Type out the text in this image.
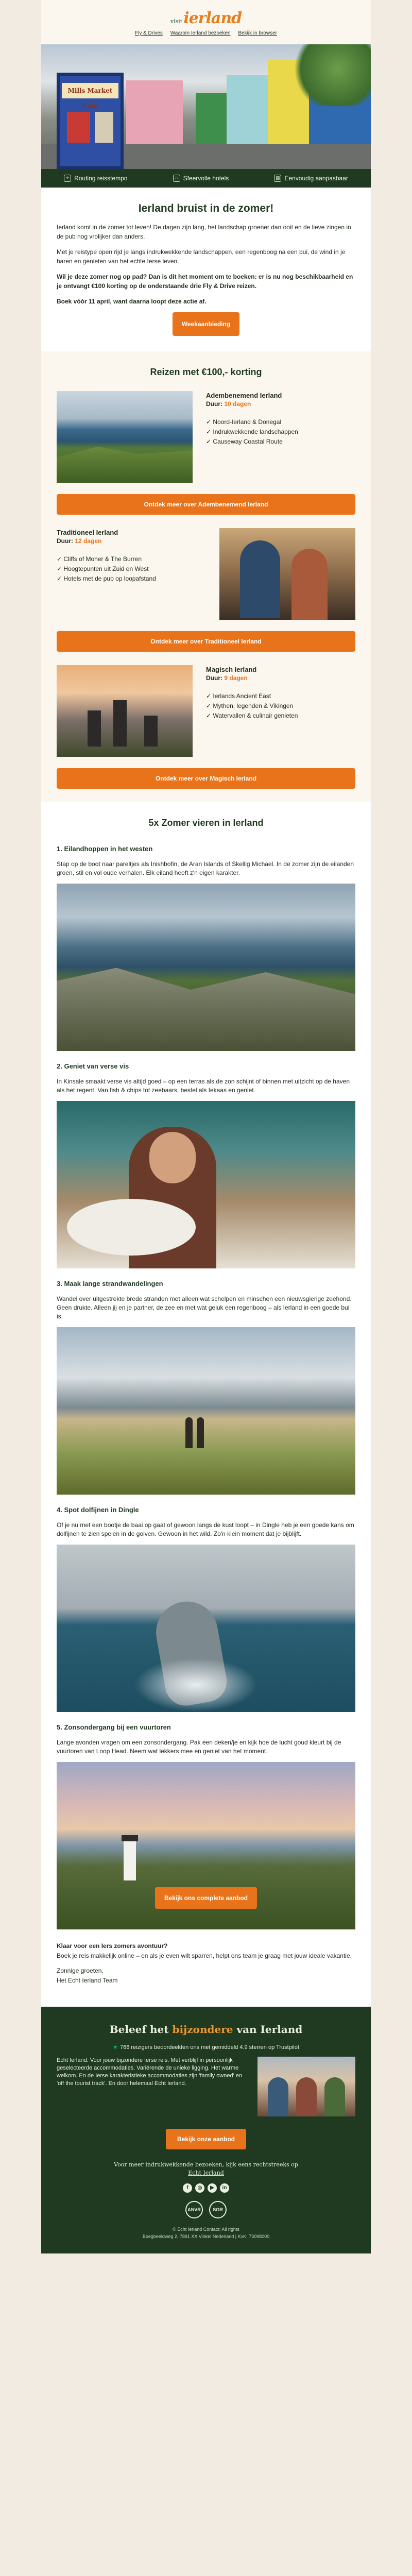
visitierland
Fly & Drives Waarom Ierland bezoeken Bekijk in browser
Mills Market Cafe
⌖ Routing reisstempo	⌂ Sfeervolle hotels	▦ Eenvoudig aanpasbaar
Ierland bruist in de zomer!

Ierland komt in de zomer tot leven! De dagen zijn lang, het landschap groener dan ooit en de lieve zingen in de pub nog vrolijker dan anders.

Met je reistype open rijd je langs indrukwekkende landschappen, een regenboog na een bui, de wind in je haren en genieten van het echte Ierse leven.

Wil je deze zomer nog op pad? Dan is dit het moment om te boeken: er is nu nog beschikbaarheid en je ontvangt €100 korting op de onderstaande drie Fly & Drive reizen.

Boek vóór 11 april, want daarna loopt deze actie af.

Weekaanbieding
Reizen met €100,- korting
Adembenemend Ierland
Duur: 10 dagen
✓ Noord-Ierland & Donegal
✓ Indrukwekkende landschappen
✓ Causeway Coastal Route
Ontdek meer over Adembenemend Ierland
Traditioneel Ierland
Duur: 12 dagen
✓ Cliffs of Moher & The Burren
✓ Hoogtepunten uit Zuid en West
✓ Hotels met de pub op loopafstand
Ontdek meer over Traditioneel Ierland
Magisch Ierland
Duur: 9 dagen
✓ Ierlands Ancient East
✓ Mythen, legenden & Vikingen
✓ Watervallen & culinair genieten
Ontdek meer over Magisch Ierland
5x Zomer vieren in Ierland
1. Eilandhoppen in het westen

Stap op de boot naar pareltjes als Inishbofin, de Aran Islands of Skellig Michael. In de zomer zijn de eilanden groen, stil en vol oude verhalen. Elk eiland heeft z'n eigen karakter.

2. Geniet van verse vis

In Kinsale smaakt verse vis altijd goed – op een terras als de zon schijnt of binnen met uitzicht op de haven als het regent. Van fish & chips tot zeebaars, bestel als Iekaas en geniet.

3. Maak lange strandwandelingen

Wandel over uitgestrekte brede stranden met alleen wat schelpen en minschen een nieuwsgierige zeehond. Geen drukte. Alleen jij en je partner, de zee en met wat geluk een regenboog – als Ierland in een goede bui is.

4. Spot dolfijnen in Dingle

Of je nu met een bootje de baai op gaat of gewoon langs de kust loopt – in Dingle heb je een goede kans om dolfijnen te zien spelen in de golven. Gewoon in het wild. Zo'n klein moment dat je bijblijft.

5. Zonsondergang bij een vuurtoren

Lange avonden vragen om een zonsondergang. Pak een deken/je en kijk hoe de lucht goud kleurt bij de vuurtoren van Loop Head. Neem wat lekkers mee en geniet van het moment.

Bekijk ons complete aanbod

Klaar voor een Iers zomers avontuur?

Boek je reis makkelijk online – en als je even wilt sparren, helpt ons team je graag met jouw ideale vakantie.

Zonnige groeten,

Het Echt Ierland Team

Beleef het bijzondere van Ierland
★ 766 reizigers beoordeelden ons met gemiddeld 4.9 sterren op Trustpilot
Echt Ierland. Voor jouw bijzondere Ierse reis. Met verblijf in persoonlijk geselecteerde accommodaties. Variërende de unieke ligging. Het warme welkom. En de Ierse karakteristieke accommodaties zijn 'family owned' en 'off the tourist track'. En door helemaal Echt Ierland.
Bekijk onze aanbod
Voor meer indrukwekkende bezoeken, kijk eens rechtstreeks op
Echt Ierland
f	◎	▶	in
ANVR	SGR
© Echt Ierland Contact: All rights
Boegbeeldweg 2, 7891 XX Vinkel Nederland | KvK: 73098000
